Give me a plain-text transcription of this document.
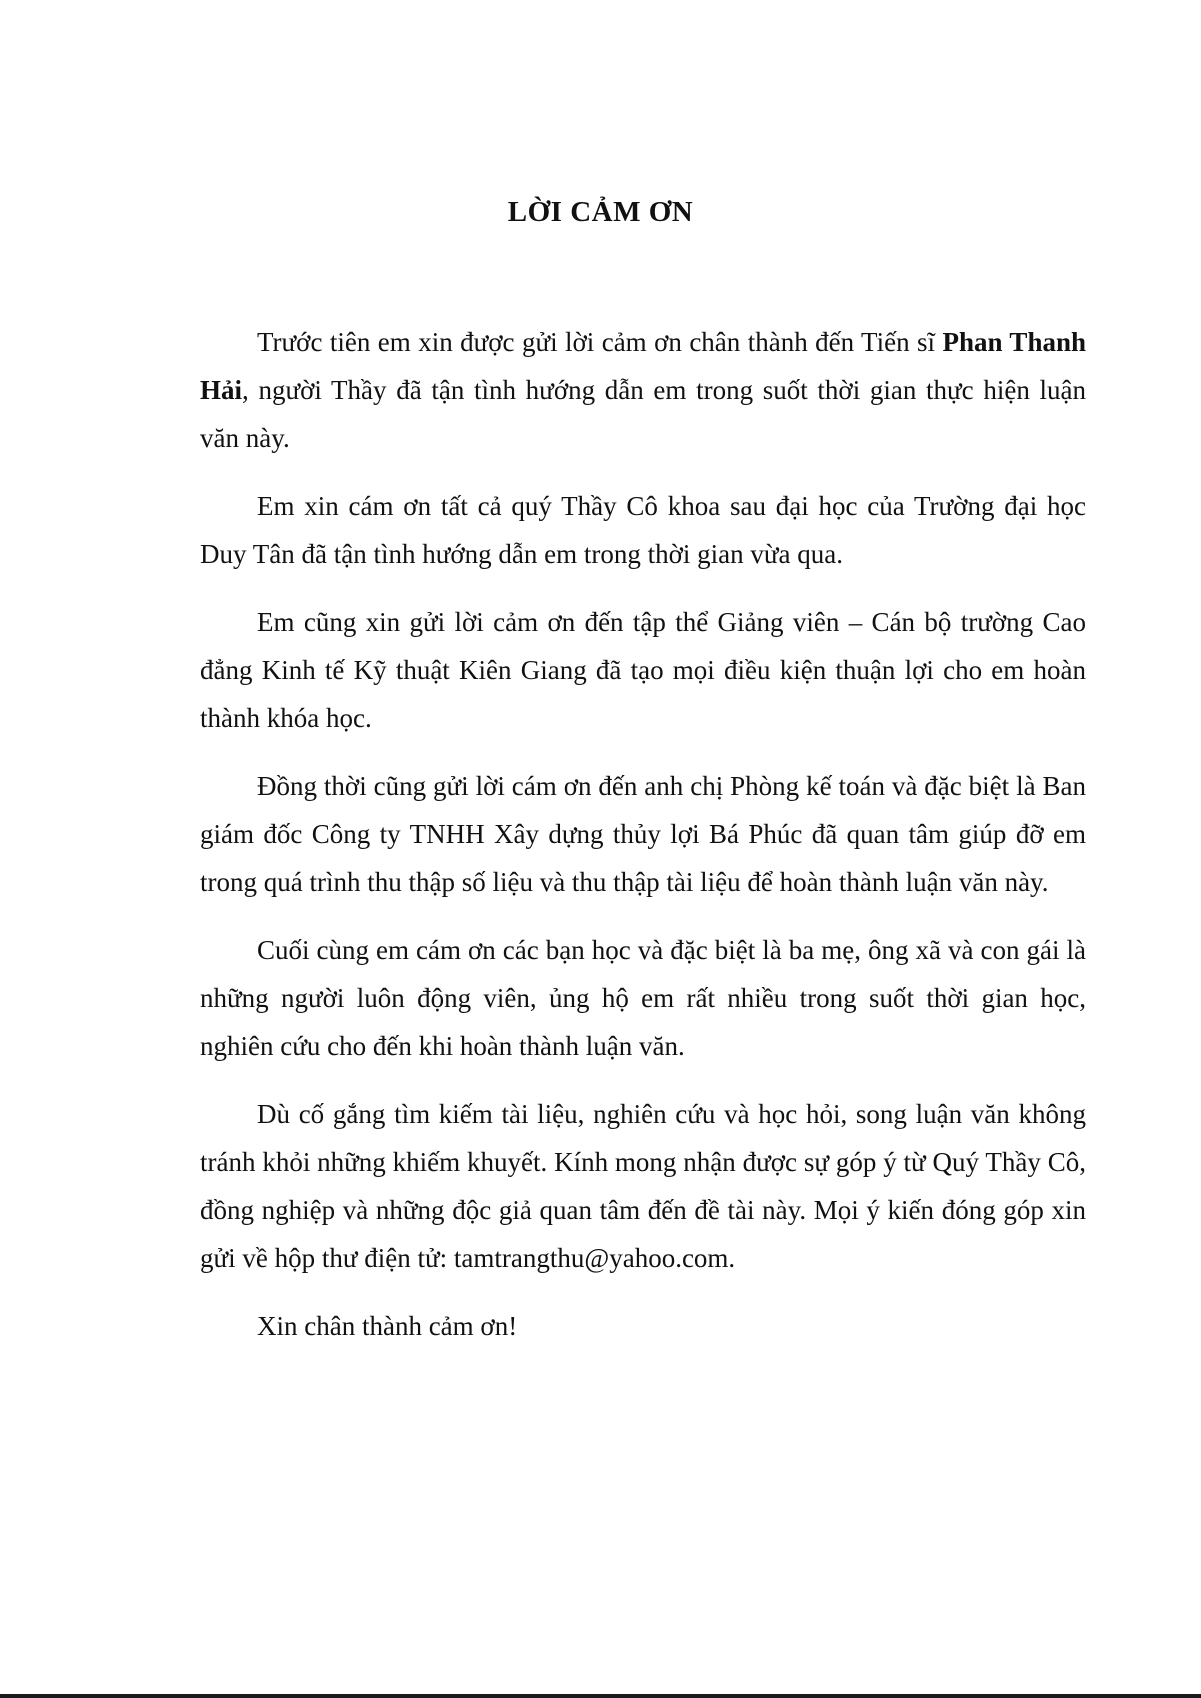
LỜI CẢM ƠN

Trước tiên em xin được gửi lời cảm ơn chân thành đến Tiến sĩ Phan Thanh Hải, người Thầy đã tận tình hướng dẫn em trong suốt thời gian thực hiện luận văn này.

Em xin cám ơn tất cả quý Thầy Cô khoa sau đại học của Trường đại học Duy Tân đã tận tình hướng dẫn em trong thời gian vừa qua.

Em cũng xin gửi lời cảm ơn đến tập thể Giảng viên – Cán bộ trường Cao đẳng Kinh tế Kỹ thuật Kiên Giang đã tạo mọi điều kiện thuận lợi cho em hoàn thành khóa học.

Đồng thời cũng gửi lời cám ơn đến anh chị Phòng kế toán và đặc biệt là Ban giám đốc Công ty TNHH Xây dựng thủy lợi Bá Phúc đã quan tâm giúp đỡ em trong quá trình thu thập số liệu và thu thập tài liệu để hoàn thành luận văn này.

Cuối cùng em cám ơn các bạn học và đặc biệt là ba mẹ, ông xã và con gái là những người luôn động viên, ủng hộ em rất nhiều trong suốt thời gian học, nghiên cứu cho đến khi hoàn thành luận văn.

Dù cố gắng tìm kiếm tài liệu, nghiên cứu và học hỏi, song luận văn không tránh khỏi những khiếm khuyết. Kính mong nhận được sự góp ý từ Quý Thầy Cô, đồng nghiệp và những độc giả quan tâm đến đề tài này. Mọi ý kiến đóng góp xin gửi về hộp thư điện tử: tamtrangthu@yahoo.com.

Xin chân thành cảm ơn!
